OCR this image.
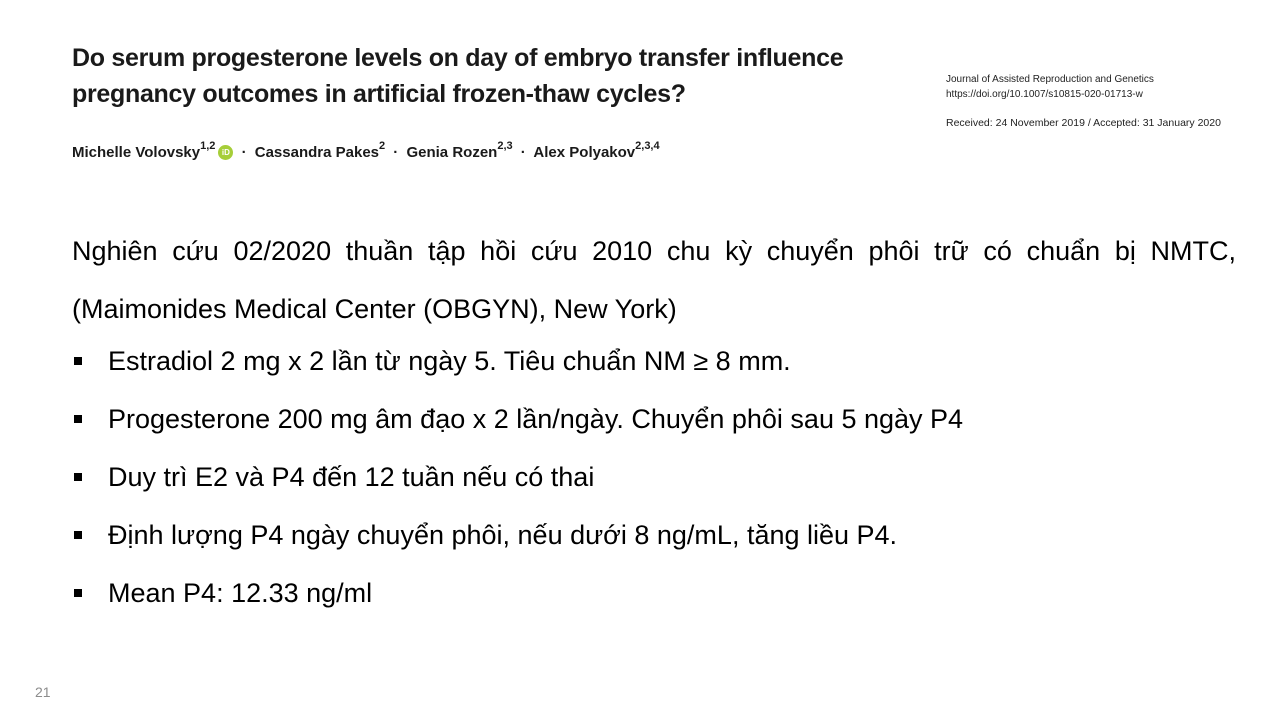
Do serum progesterone levels on day of embryo transfer influence pregnancy outcomes in artificial frozen-thaw cycles?
Michelle Volovsky$^{1,2}$iD · Cassandra Pakes$^2$ · Genia Rozen$^{2,3}$ · Alex Polyakov$^{2,3,4}$
Journal of Assisted Reproduction and Genetics
https://doi.org/10.1007/s10815-020-01713-w
Received: 24 November 2019 / Accepted: 31 January 2020
Nghiên cứu 02/2020 thuần tập hồi cứu 2010 chu kỳ chuyển phôi trữ có chuẩn bị NMTC, (Maimonides Medical Center (OBGYN), New York)
Estradiol 2 mg x 2 lần từ ngày 5. Tiêu chuẩn NM ≥ 8 mm.
Progesterone 200 mg âm đạo x 2 lần/ngày. Chuyển phôi sau 5 ngày P4
Duy trì E2 và P4 đến 12 tuần nếu có thai
Định lượng P4 ngày chuyển phôi, nếu dưới 8 ng/mL, tăng liều P4.
Mean P4: 12.33 ng/ml
21
